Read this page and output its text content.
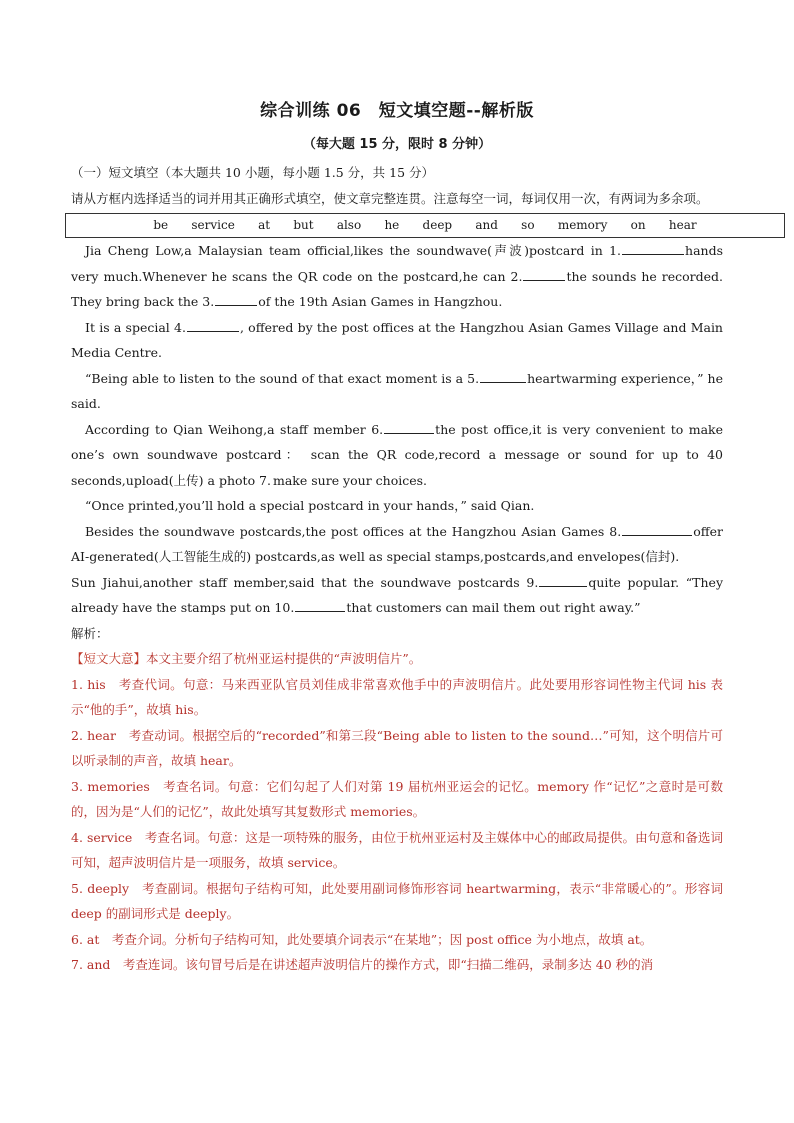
综合训练 06　短文填空题--解析版
（每大题 15 分，限时 8 分钟）

（一）短文填空（本大题共 10 小题，每小题 1.5 分，共 15 分）

请从方框内选择适当的词并用其正确形式填空，使文章完整连贯。注意每空一词，每词仅用一次，有两词为多余项。

be    service    at    but    also    he    deep    and    so    memory    on    hear

Jia Cheng Low,a Malaysian team official,likes the soundwave(声波)postcard in 1.	hands very much.Whenever he scans the QR code on the postcard,he can 2.	the sounds he recorded. They bring back the 3.	of the 19th Asian Games in Hangzhou.

It is a special 4.	, offered by the post offices at the Hangzhou Asian Games Village and Main Media Centre.

“Being able to listen to the sound of that exact moment is a 5.	heartwarming experience，” he said.

According to Qian Weihong,a staff member 6.	the post office,it is very convenient to make one’s own soundwave postcard： scan the QR code,record a message or sound for up to 40 seconds,upload(上传) a photo 7. make sure your choices.

“Once printed,you’ll hold a special postcard in your hands，” said Qian.

Besides the soundwave postcards,the post offices at the Hangzhou Asian Games 8.	offer AI-generated(人工智能生成的) postcards,as well as special stamps,postcards,and envelopes(信封).

Sun Jiahui,another staff member,said that the soundwave postcards 9.	quite popular. “They already have the stamps put on 10.	that customers can mail them out right away.”

解析：

【短文大意】本文主要介绍了杭州亚运村提供的“声波明信片”。

1. his　考查代词。句意：马来西亚队官员刘佳成非常喜欢他手中的声波明信片。此处要用形容词性物主代词 his 表示“他的手”，故填 his。

2. hear　考查动词。根据空后的“recorded”和第三段“Being able to listen to the sound…”可知，这个明信片可以听录制的声音，故填 hear。

3. memories　考查名词。句意：它们勾起了人们对第 19 届杭州亚运会的记忆。memory 作“记忆”之意时是可数的，因为是“人们的记忆”，故此处填写其复数形式 memories。

4. service　考查名词。句意：这是一项特殊的服务，由位于杭州亚运村及主媒体中心的邮政局提供。由句意和备选词可知，超声波明信片是一项服务，故填 service。

5. deeply　考查副词。根据句子结构可知，此处要用副词修饰形容词 heartwarming，表示“非常暖心的”。形容词 deep 的副词形式是 deeply。

6. at　考查介词。分析句子结构可知，此处要填介词表示“在某地”；因 post office 为小地点，故填 at。

7. and　考查连词。该句冒号后是在讲述超声波明信片的操作方式，即“扫描二维码，录制多达 40 秒的消
